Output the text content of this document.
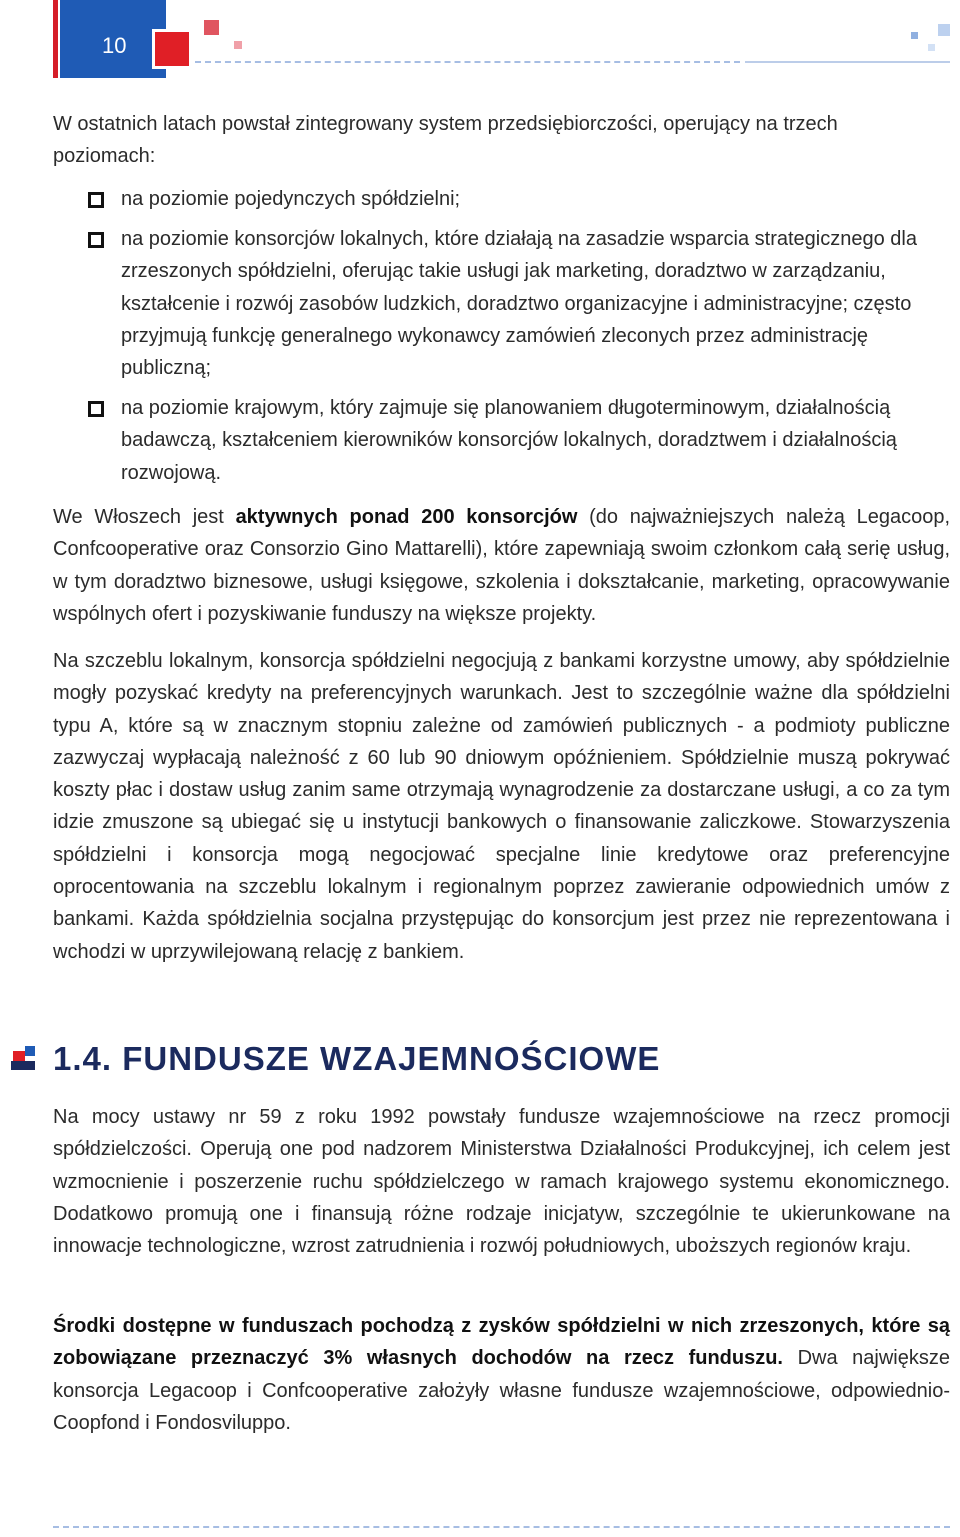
10

W ostatnich latach powstał zintegrowany system przedsiębiorczości, operujący na trzech poziomach:

na poziomie pojedynczych spółdzielni;
na poziomie konsorcjów lokalnych, które działają na zasadzie wsparcia strategicznego dla zrzeszonych spółdzielni, oferując takie usługi jak marketing, doradztwo w zarządzaniu, kształcenie i rozwój zasobów ludzkich, doradztwo organizacyjne i administracyjne; często przyjmują funkcję generalnego wykonawcy zamówień zleconych przez administrację publiczną;
na poziomie krajowym, który zajmuje się planowaniem długoterminowym, działalnością badawczą, kształceniem kierowników konsorcjów lokalnych, doradztwem i działalnością rozwojową.

We Włoszech jest aktywnych ponad 200 konsorcjów (do najważniejszych należą Legacoop, Confcooperative oraz Consorzio Gino Mattarelli), które zapewniają swoim członkom całą serię usług, w tym doradztwo biznesowe, usługi księgowe, szkolenia i dokształcanie, marketing, opracowywanie wspólnych ofert i pozyskiwanie funduszy na większe projekty.

Na szczeblu lokalnym, konsorcja spółdzielni negocjują z bankami korzystne umowy, aby spółdzielnie mogły pozyskać kredyty na preferencyjnych warunkach. Jest to szczególnie ważne dla spółdzielni typu A, które są w znacznym stopniu zależne od zamówień publicznych - a podmioty publiczne zazwyczaj wypłacają należność z 60 lub 90 dniowym opóźnieniem. Spółdzielnie muszą pokrywać koszty płac i dostaw usług zanim same otrzymają wynagrodzenie za dostarczane usługi, a co za tym idzie zmuszone są ubiegać się u instytucji bankowych o finansowanie zaliczkowe. Stowarzyszenia spółdzielni i konsorcja mogą negocjować specjalne linie kredytowe oraz preferencyjne oprocentowania na szczeblu lokalnym i regionalnym poprzez zawieranie odpowiednich umów z bankami. Każda spółdzielnia socjalna przystępując do konsorcjum jest przez nie reprezentowana i wchodzi w uprzywilejowaną relację z bankiem.

1.4. FUNDUSZE WZAJEMNOŚCIOWE

Na mocy ustawy nr 59 z roku 1992 powstały fundusze wzajemnościowe na rzecz promocji spółdzielczości. Operują one pod nadzorem Ministerstwa Działalności Produkcyjnej, ich celem jest wzmocnienie i poszerzenie ruchu spółdzielczego w ramach krajowego systemu ekonomicznego. Dodatkowo promują one i finansują różne rodzaje inicjatyw, szczególnie te ukierunkowane na innowacje technologiczne, wzrost zatrudnienia i rozwój południowych, uboższych regionów kraju.

Środki dostępne w funduszach pochodzą z zysków spółdzielni w nich zrzeszonych, które są zobowiązane przeznaczyć 3% własnych dochodów na rzecz funduszu. Dwa największe konsorcja Legacoop i Confcooperative założyły własne fundusze wzajemnościowe, odpowiednio- Coopfond i Fondosviluppo.
